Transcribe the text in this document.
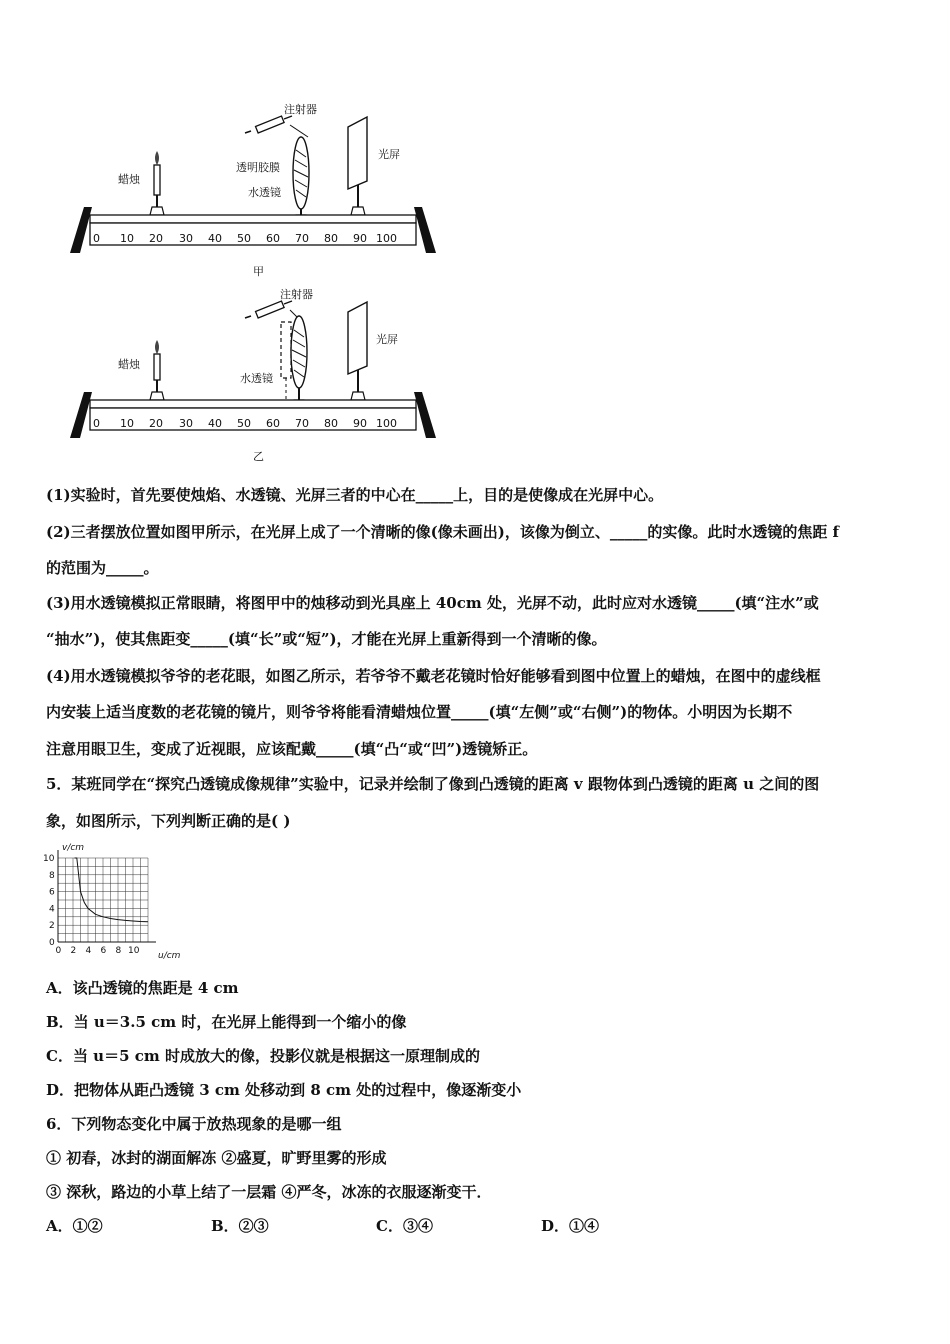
注射器
透明胶膜
水透镜
蜡烛
光屏
0 10 20 30 40 50 60 70 80 90 100
甲
注射器
水透镜
蜡烛
光屏
0 10 20 30 40 50 60 70 80 90 100
乙
(1)实验时，首先要使烛焰、水透镜、光屏三者的中心在_____上，目的是使像成在光屏中心。
(2)三者摆放位置如图甲所示，在光屏上成了一个清晰的像(像未画出)，该像为倒立、_____的实像。此时水透镜的焦距 f
的范围为_____。
(3)用水透镜模拟正常眼睛，将图甲中的烛移动到光具座上 40cm 处，光屏不动，此时应对水透镜_____(填“注水”或
“抽水”)，使其焦距变_____(填“长”或“短”)，才能在光屏上重新得到一个清晰的像。
(4)用水透镜模拟爷爷的老花眼，如图乙所示，若爷爷不戴老花镜时恰好能够看到图中位置上的蜡烛，在图中的虚线框
内安装上适当度数的老花镜的镜片，则爷爷将能看清蜡烛位置_____(填“左侧”或“右侧”)的物体。小明因为长期不
注意用眼卫生，变成了近视眼，应该配戴_____(填“凸“或“凹”)透镜矫正。
5．某班同学在“探究凸透镜成像规律”实验中，记录并绘制了像到凸透镜的距离 v 跟物体到凸透镜的距离 u 之间的图
象，如图所示，下列判断正确的是( )
0 2 4 6 8 10
0
2
4
6
8
10
v/cm
u/cm
A．该凸透镜的焦距是 4 cm
B．当 u＝3.5 cm 时，在光屏上能得到一个缩小的像
C．当 u＝5 cm 时成放大的像，投影仪就是根据这一原理制成的
D．把物体从距凸透镜 3 cm 处移动到 8 cm 处的过程中，像逐渐变小
6．下列物态变化中属于放热现象的是哪一组
① 初春，冰封的湖面解冻 ②盛夏，旷野里雾的形成
③ 深秋，路边的小草上结了一层霜 ④严冬，冰冻的衣服逐渐变干．
A．①②	B．②③	C．③④	D．①④
